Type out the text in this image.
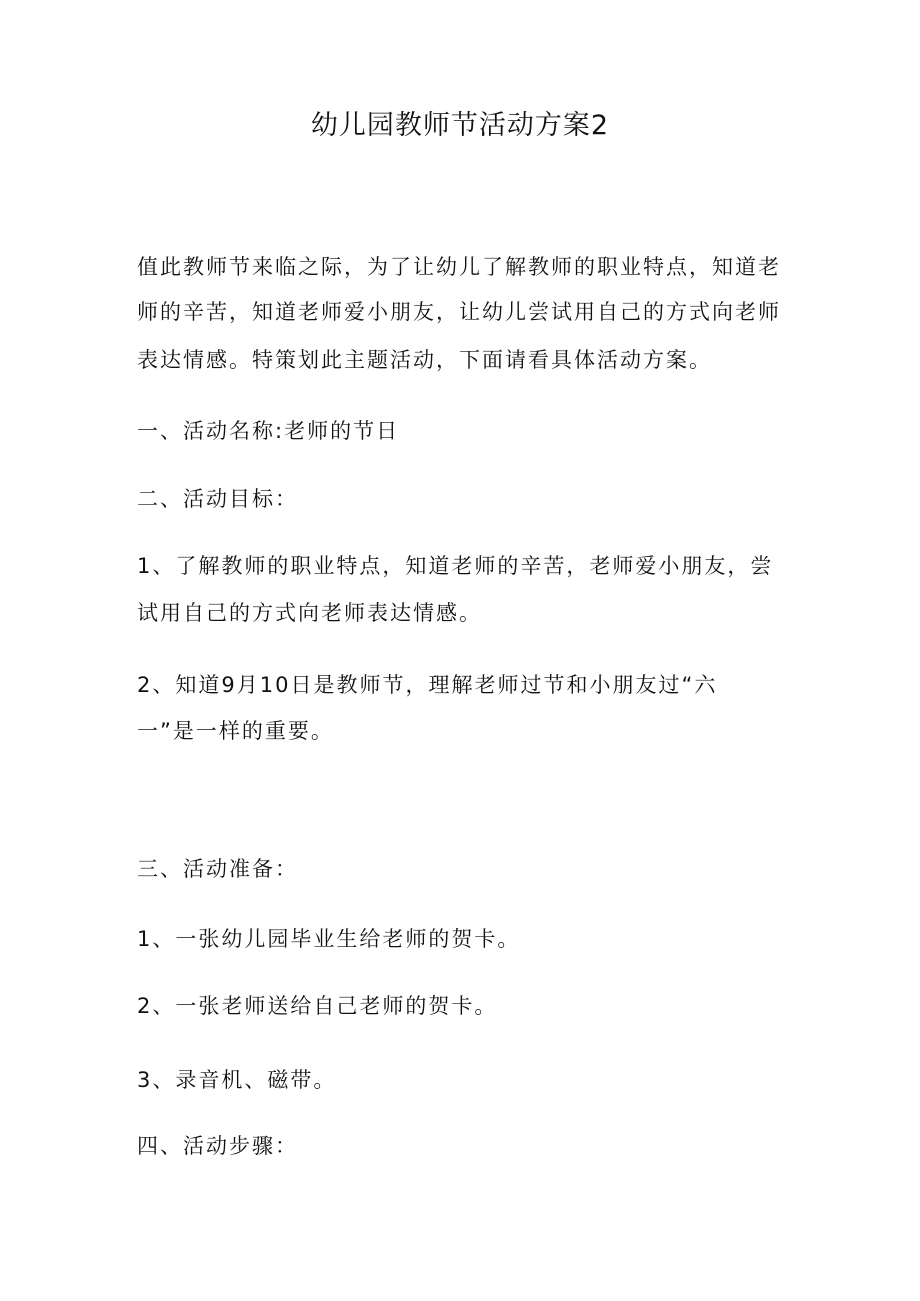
幼儿园教师节活动方案2
值此教师节来临之际，为了让幼儿了解教师的职业特点，知道老
师的辛苦，知道老师爱小朋友，让幼儿尝试用自己的方式向老师
表达情感。特策划此主题活动，下面请看具体活动方案。
一、活动名称:老师的节日
二、活动目标：
1、了解教师的职业特点，知道老师的辛苦，老师爱小朋友，尝
试用自己的方式向老师表达情感。
2、知道9月10日是教师节，理解老师过节和小朋友过“六
一”是一样的重要。
三、活动准备：
1、一张幼儿园毕业生给老师的贺卡。
2、一张老师送给自己老师的贺卡。
3、录音机、磁带。
四、活动步骤：
